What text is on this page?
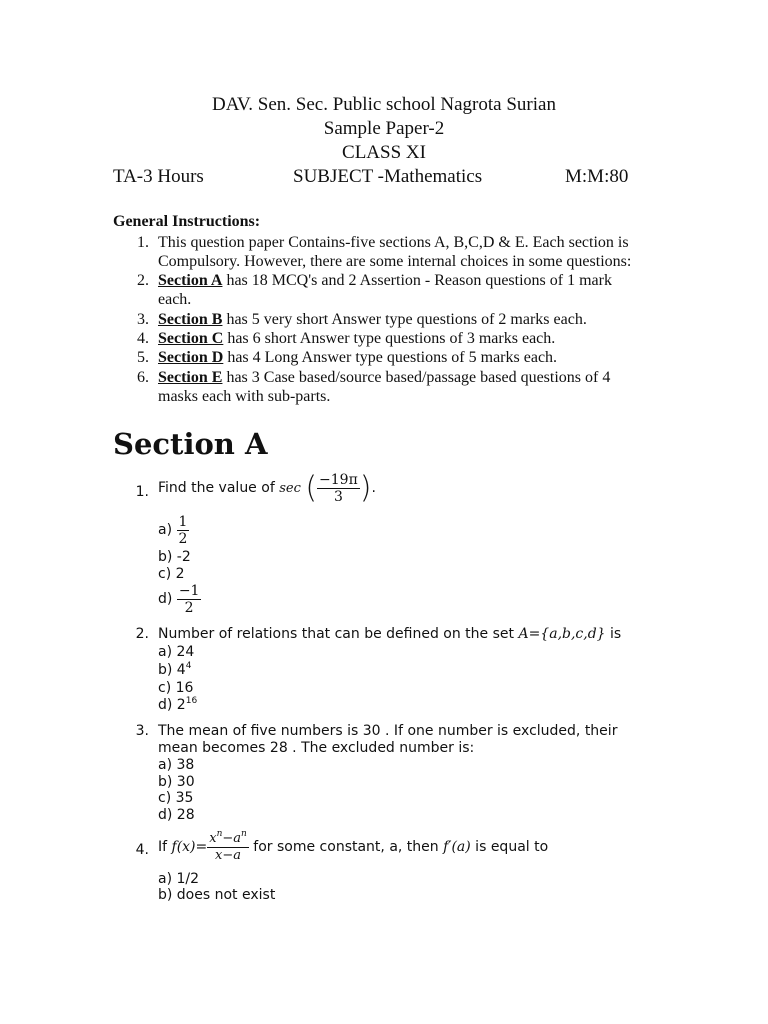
DAV. Sen. Sec. Public school Nagrota Surian
Sample Paper-2
CLASS XI
TA-3 Hours	SUBJECT -Mathematics	M:M:80
General Instructions:
1. This question paper Contains-five sections A, B,C,D & E. Each section is
Compulsory. However, there are some internal choices in some questions:
2. Section A has 18 MCQ's and 2 Assertion - Reason questions of 1 mark
each.
3. Section B has 5 very short Answer type questions of 2 marks each.
4. Section C has 6 short Answer type questions of 3 marks each.
5. Section D has 4 Long Answer type questions of 5 marks each.
6. Section E has 3 Case based/source based/passage based questions of 4
masks each with sub-parts.
Section A
1. Find the value of sec ( $\frac{-19\pi}{3}$ ).
$a) \frac{1}{2}$
b) -2
c) 2
$d) \frac{-1}{2}$
2. Number of relations that can be defined on the set A={a,b,c,d} is
a) 24
b) $4^4$
c) 16
d) $2^{16}$
3. The mean of five numbers is 30 . If one number is excluded, their
mean becomes 28 . The excluded number is:
a) 38
b) 30
c) 35
d) 28
4. If $f(x)= \frac{x^n-a^n}{x-a}$ for some constant, a, then f′(a) is equal to
a) 1/2
b) does not exist
